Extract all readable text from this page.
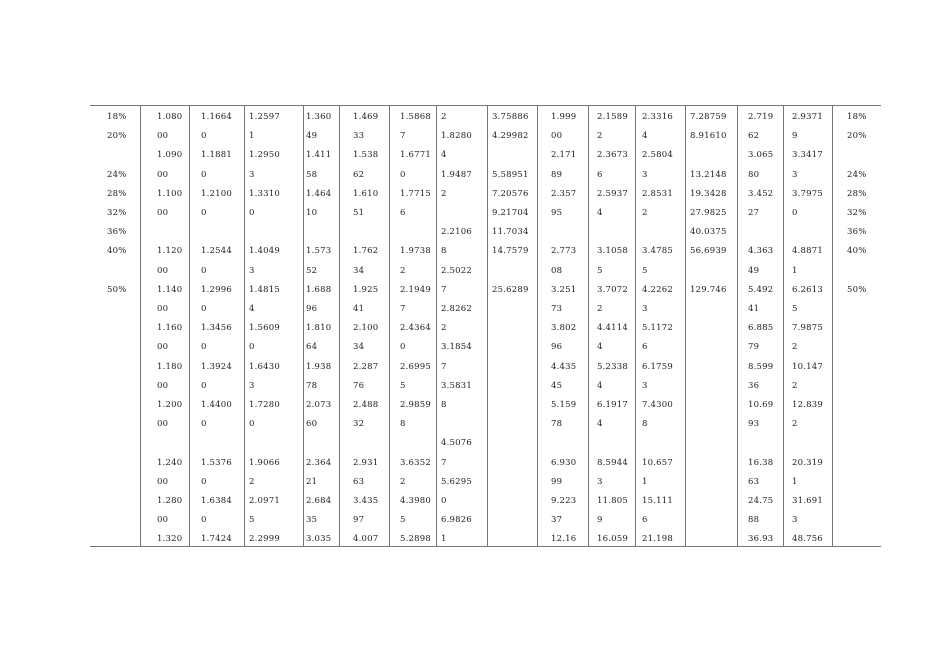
18%
20%
24%
28%
32%
36%
40%
50%
18%
20%
24%
28%
32%
36%
40%
50%
1.080
00
1.090
00
1.100
00
1.120
00
1.140
00
1.160
00
1.180
00
1.200
00
1.240
00
1.280
00
1.320
1.1664
0
1.1881
0
1.2100
0
1.2544
0
1.2996
0
1.3456
0
1.3924
0
1.4400
0
1.5376
0
1.6384
0
1.7424
1.2597
1
1.2950
3
1.3310
0
1.4049
3
1.4815
4
1.5609
0
1.6430
3
1.7280
0
1.9066
2
2.0971
5
2.2999
1.360
49
1.411
58
1.464
10
1.573
52
1.688
96
1.810
64
1.938
78
2.073
60
2.364
21
2.684
35
3.035
1.469
33
1.538
62
1.610
51
1.762
34
1.925
41
2.100
34
2.287
76
2.488
32
2.931
63
3.435
97
4.007
1.5868
7
1.6771
0
1.7715
6
1.9738
2
2.1949
7
2.4364
0
2.6995
5
2.9859
8
3.6352
2
4.3980
5
5.2898
2
1.8280
4
1.9487
2
2.2106
8
2.5022
7
2.8262
2
3.1854
7
3.5831
8
4.5076
7
5.6295
0
6.9826
1
3.75886
4.29982
5.58951
7.20576
9.21704
11.7034
14.7579
25.6289
1.999
00
2.171
89
2.357
95
2.773
08
3.251
73
3.802
96
4.435
45
5.159
78
6.930
99
9.223
37
12.16
2.1589
2
2.3673
6
2.5937
4
3.1058
5
3.7072
2
4.4114
4
5.2338
4
6.1917
4
8.5944
3
11.805
9
16.059
2.3316
4
2.5804
3
2.8531
2
3.4785
5
4.2262
3
5.1172
6
6.1759
3
7.4300
8
10.657
1
15.111
6
21.198
7.28759
8.91610
13.2148
19.3428
27.9825
40.0375
56.6939
129.746
2.719
62
3.065
80
3.452
27
4.363
49
5.492
41
6.885
79
8.599
36
10.69
93
16.38
63
24.75
88
36.93
2.9371
9
3.3417
3
3.7975
0
4.8871
1
6.2613
5
7.9875
2
10.147
2
12.839
2
20.319
1
31.691
3
48.756
